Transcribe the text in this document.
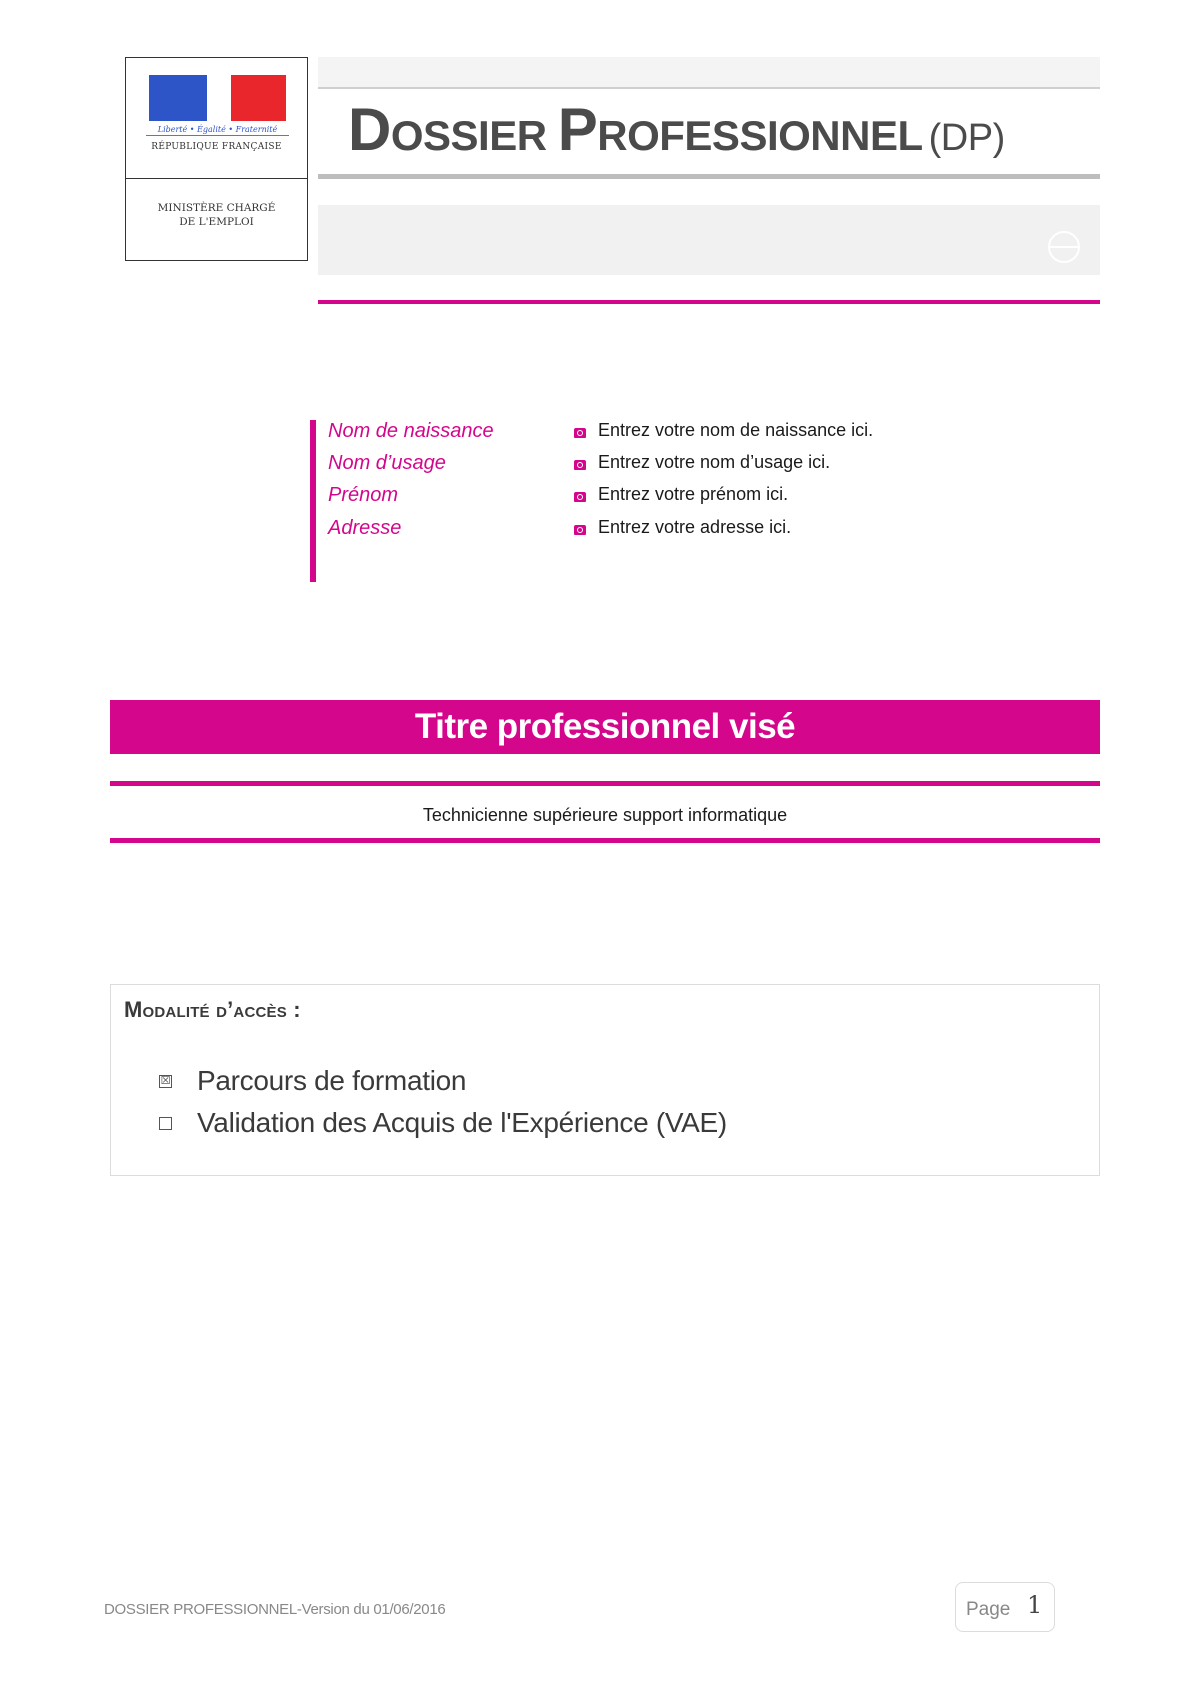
Liberté • Égalité • Fraternité
RÉPUBLIQUE FRANÇAISE
MINISTÈRE CHARGÉ
DE L'EMPLOI
DOSSIER PROFESSIONNEL (DP)
Nom de naissance	Entrez votre nom de naissance ici.
Nom d’usage	Entrez votre nom d’usage ici.
Prénom	Entrez votre prénom ici.
Adresse	Entrez votre adresse ici.
Titre professionnel visé
Technicienne supérieure support informatique
Modalité d’accès :
☒ Parcours de formation
Validation des Acquis de l'Expérience (VAE)
DOSSIER PROFESSIONNEL-Version du 01/06/2016	Page 1
